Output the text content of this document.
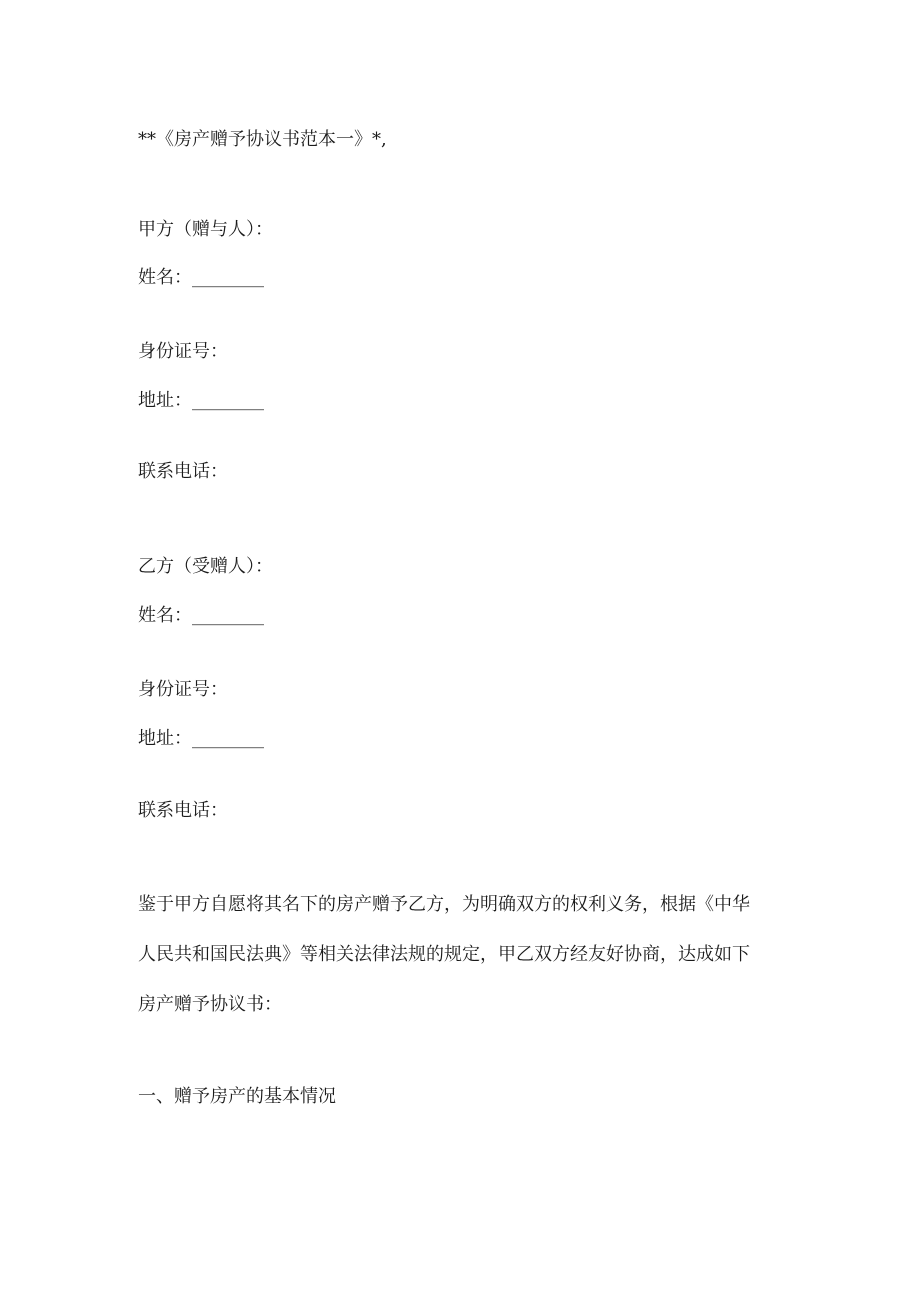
**《房产赠予协议书范本一》*,
甲方（赠与人）：
姓名：________
身份证号：
地址：________
联系电话：
乙方（受赠人）：
姓名：________
身份证号：
地址：________
联系电话：
鉴于甲方自愿将其名下的房产赠予乙方，为明确双方的权利义务，根据《中华
人民共和国民法典》等相关法律法规的规定，甲乙双方经友好协商，达成如下
房产赠予协议书：
一、赠予房产的基本情况
